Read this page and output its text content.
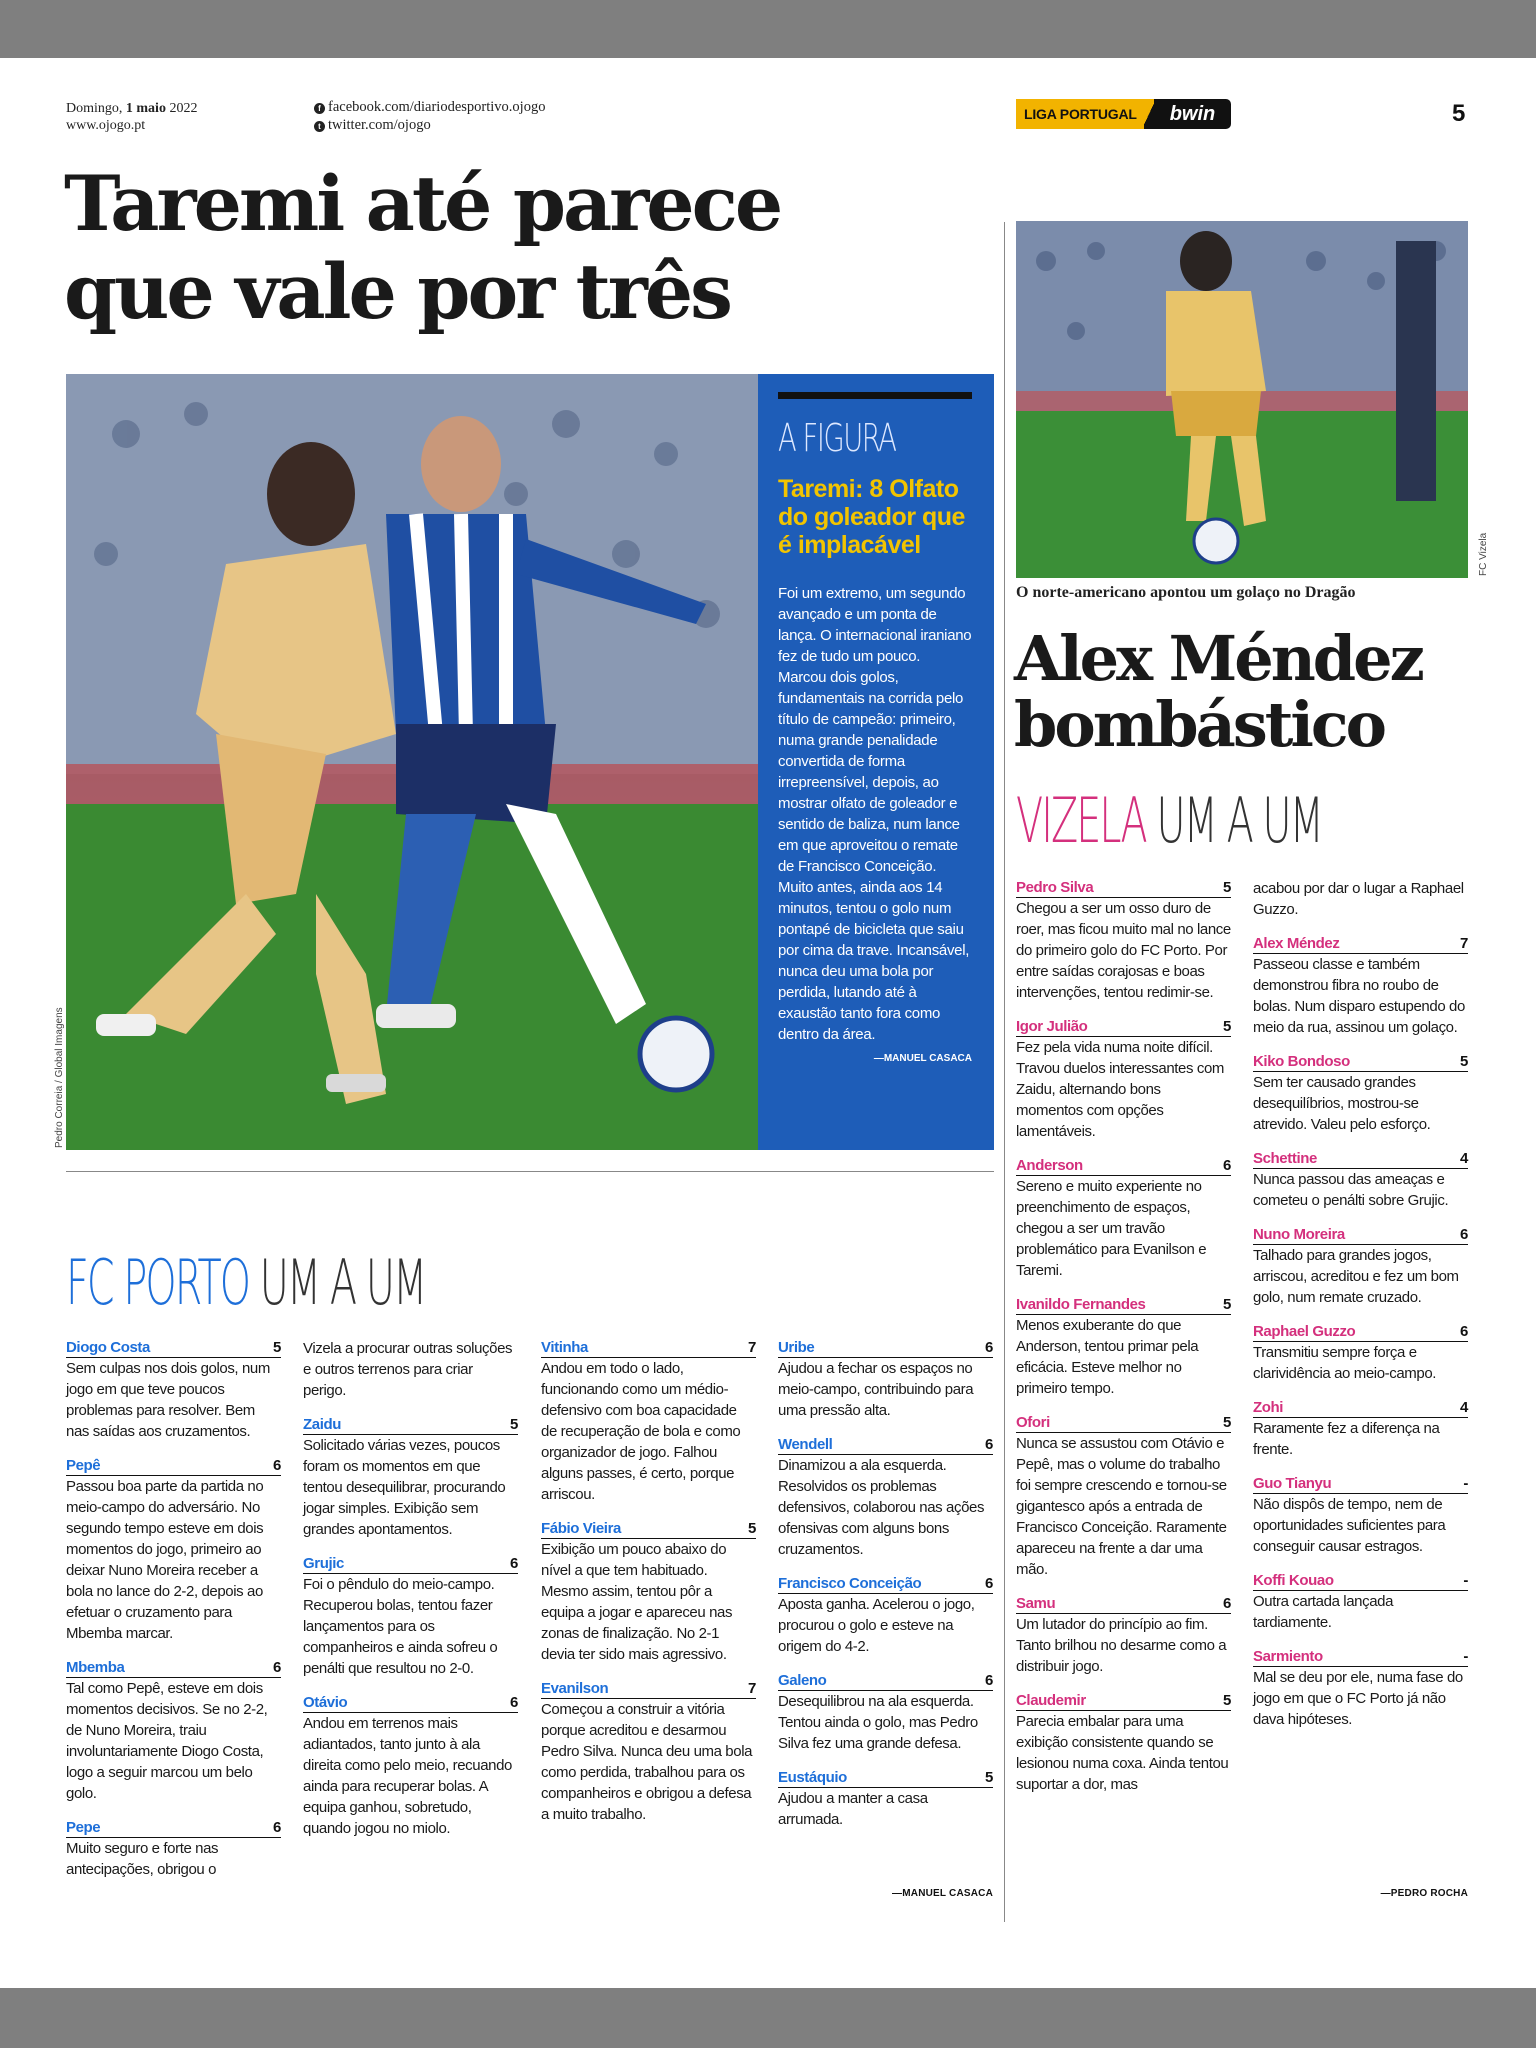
Domingo, 1 maio 2022
www.ojogo.pt
f facebook.com/diariodesportivo.ojogo
t twitter.com/ojogo
LIGA PORTUGAL	bwin	5
Taremi até parece que vale por três
Pedro Correia / Global Imagens
A FIGURA
Taremi: 8 Olfato do goleador que é implacável
Foi um extremo, um segundo avançado e um ponta de lança. O internacional iraniano fez de tudo um pouco. Marcou dois golos, fundamentais na corrida pelo título de campeão: primeiro, numa grande penalidade convertida de forma irrepreensível, depois, ao mostrar olfato de goleador e sentido de baliza, num lance em que aproveitou o remate de Francisco Conceição. Muito antes, ainda aos 14 minutos, tentou o golo num pontapé de bicicleta que saiu por cima da trave. Incansável, nunca deu uma bola por perdida, lutando até à exaustão tanto fora como dentro da área.
—MANUEL CASACA
FC PORTO UM A UM
Diogo Costa	5
Sem culpas nos dois golos, num jogo em que teve poucos problemas para resolver. Bem nas saídas aos cruzamentos.
Pepê	6
Passou boa parte da partida no meio-campo do adversário. No segundo tempo esteve em dois momentos do jogo, primeiro ao deixar Nuno Moreira receber a bola no lance do 2-2, depois ao efetuar o cruzamento para Mbemba marcar.
Mbemba	6
Tal como Pepê, esteve em dois momentos decisivos. Se no 2-2, de Nuno Moreira, traiu involuntariamente Diogo Costa, logo a seguir marcou um belo golo.
Pepe	6
Muito seguro e forte nas antecipações, obrigou o
Vizela a procurar outras soluções e outros terrenos para criar perigo.
Zaidu	5
Solicitado várias vezes, poucos foram os momentos em que tentou desequilibrar, procurando jogar simples. Exibição sem grandes apontamentos.
Grujic	6
Foi o pêndulo do meio-campo. Recuperou bolas, tentou fazer lançamentos para os companheiros e ainda sofreu o penálti que resultou no 2-0.
Otávio	6
Andou em terrenos mais adiantados, tanto junto à ala direita como pelo meio, recuando ainda para recuperar bolas. A equipa ganhou, sobretudo, quando jogou no miolo.
Vitinha	7
Andou em todo o lado, funcionando como um médio-defensivo com boa capacidade de recuperação de bola e como organizador de jogo. Falhou alguns passes, é certo, porque arriscou.
Fábio Vieira	5
Exibição um pouco abaixo do nível a que tem habituado. Mesmo assim, tentou pôr a equipa a jogar e apareceu nas zonas de finalização. No 2-1 devia ter sido mais agressivo.
Evanilson	7
Começou a construir a vitória porque acreditou e desarmou Pedro Silva. Nunca deu uma bola como perdida, trabalhou para os companheiros e obrigou a defesa a muito trabalho.
Uribe	6
Ajudou a fechar os espaços no meio-campo, contribuindo para uma pressão alta.
Wendell	6
Dinamizou a ala esquerda. Resolvidos os problemas defensivos, colaborou nas ações ofensivas com alguns bons cruzamentos.
Francisco Conceição	6
Aposta ganha. Acelerou o jogo, procurou o golo e esteve na origem do 4-2.
Galeno	6
Desequilibrou na ala esquerda. Tentou ainda o golo, mas Pedro Silva fez uma grande defesa.
Eustáquio	5
Ajudou a manter a casa arrumada.
—MANUEL CASACA
FC Vizela
O norte-americano apontou um golaço no Dragão
Alex Méndez bombástico
VIZELA UM A UM
Pedro Silva	5
Chegou a ser um osso duro de roer, mas ficou muito mal no lance do primeiro golo do FC Porto. Por entre saídas corajosas e boas intervenções, tentou redimir-se.
Igor Julião	5
Fez pela vida numa noite difícil. Travou duelos interessantes com Zaidu, alternando bons momentos com opções lamentáveis.
Anderson	6
Sereno e muito experiente no preenchimento de espaços, chegou a ser um travão problemático para Evanilson e Taremi.
Ivanildo Fernandes	5
Menos exuberante do que Anderson, tentou primar pela eficácia. Esteve melhor no primeiro tempo.
Ofori	5
Nunca se assustou com Otávio e Pepê, mas o volume do trabalho foi sempre crescendo e tornou-se gigantesco após a entrada de Francisco Conceição. Raramente apareceu na frente a dar uma mão.
Samu	6
Um lutador do princípio ao fim. Tanto brilhou no desarme como a distribuir jogo.
Claudemir	5
Parecia embalar para uma exibição consistente quando se lesionou numa coxa. Ainda tentou suportar a dor, mas
acabou por dar o lugar a Raphael Guzzo.
Alex Méndez	7
Passeou classe e também demonstrou fibra no roubo de bolas. Num disparo estupendo do meio da rua, assinou um golaço.
Kiko Bondoso	5
Sem ter causado grandes desequilíbrios, mostrou-se atrevido. Valeu pelo esforço.
Schettine	4
Nunca passou das ameaças e cometeu o penálti sobre Grujic.
Nuno Moreira	6
Talhado para grandes jogos, arriscou, acreditou e fez um bom golo, num remate cruzado.
Raphael Guzzo	6
Transmitiu sempre força e clarividência ao meio-campo.
Zohi	4
Raramente fez a diferença na frente.
Guo Tianyu	-
Não dispôs de tempo, nem de oportunidades suficientes para conseguir causar estragos.
Koffi Kouao	-
Outra cartada lançada tardiamente.
Sarmiento	-
Mal se deu por ele, numa fase do jogo em que o FC Porto já não dava hipóteses.
—PEDRO ROCHA
